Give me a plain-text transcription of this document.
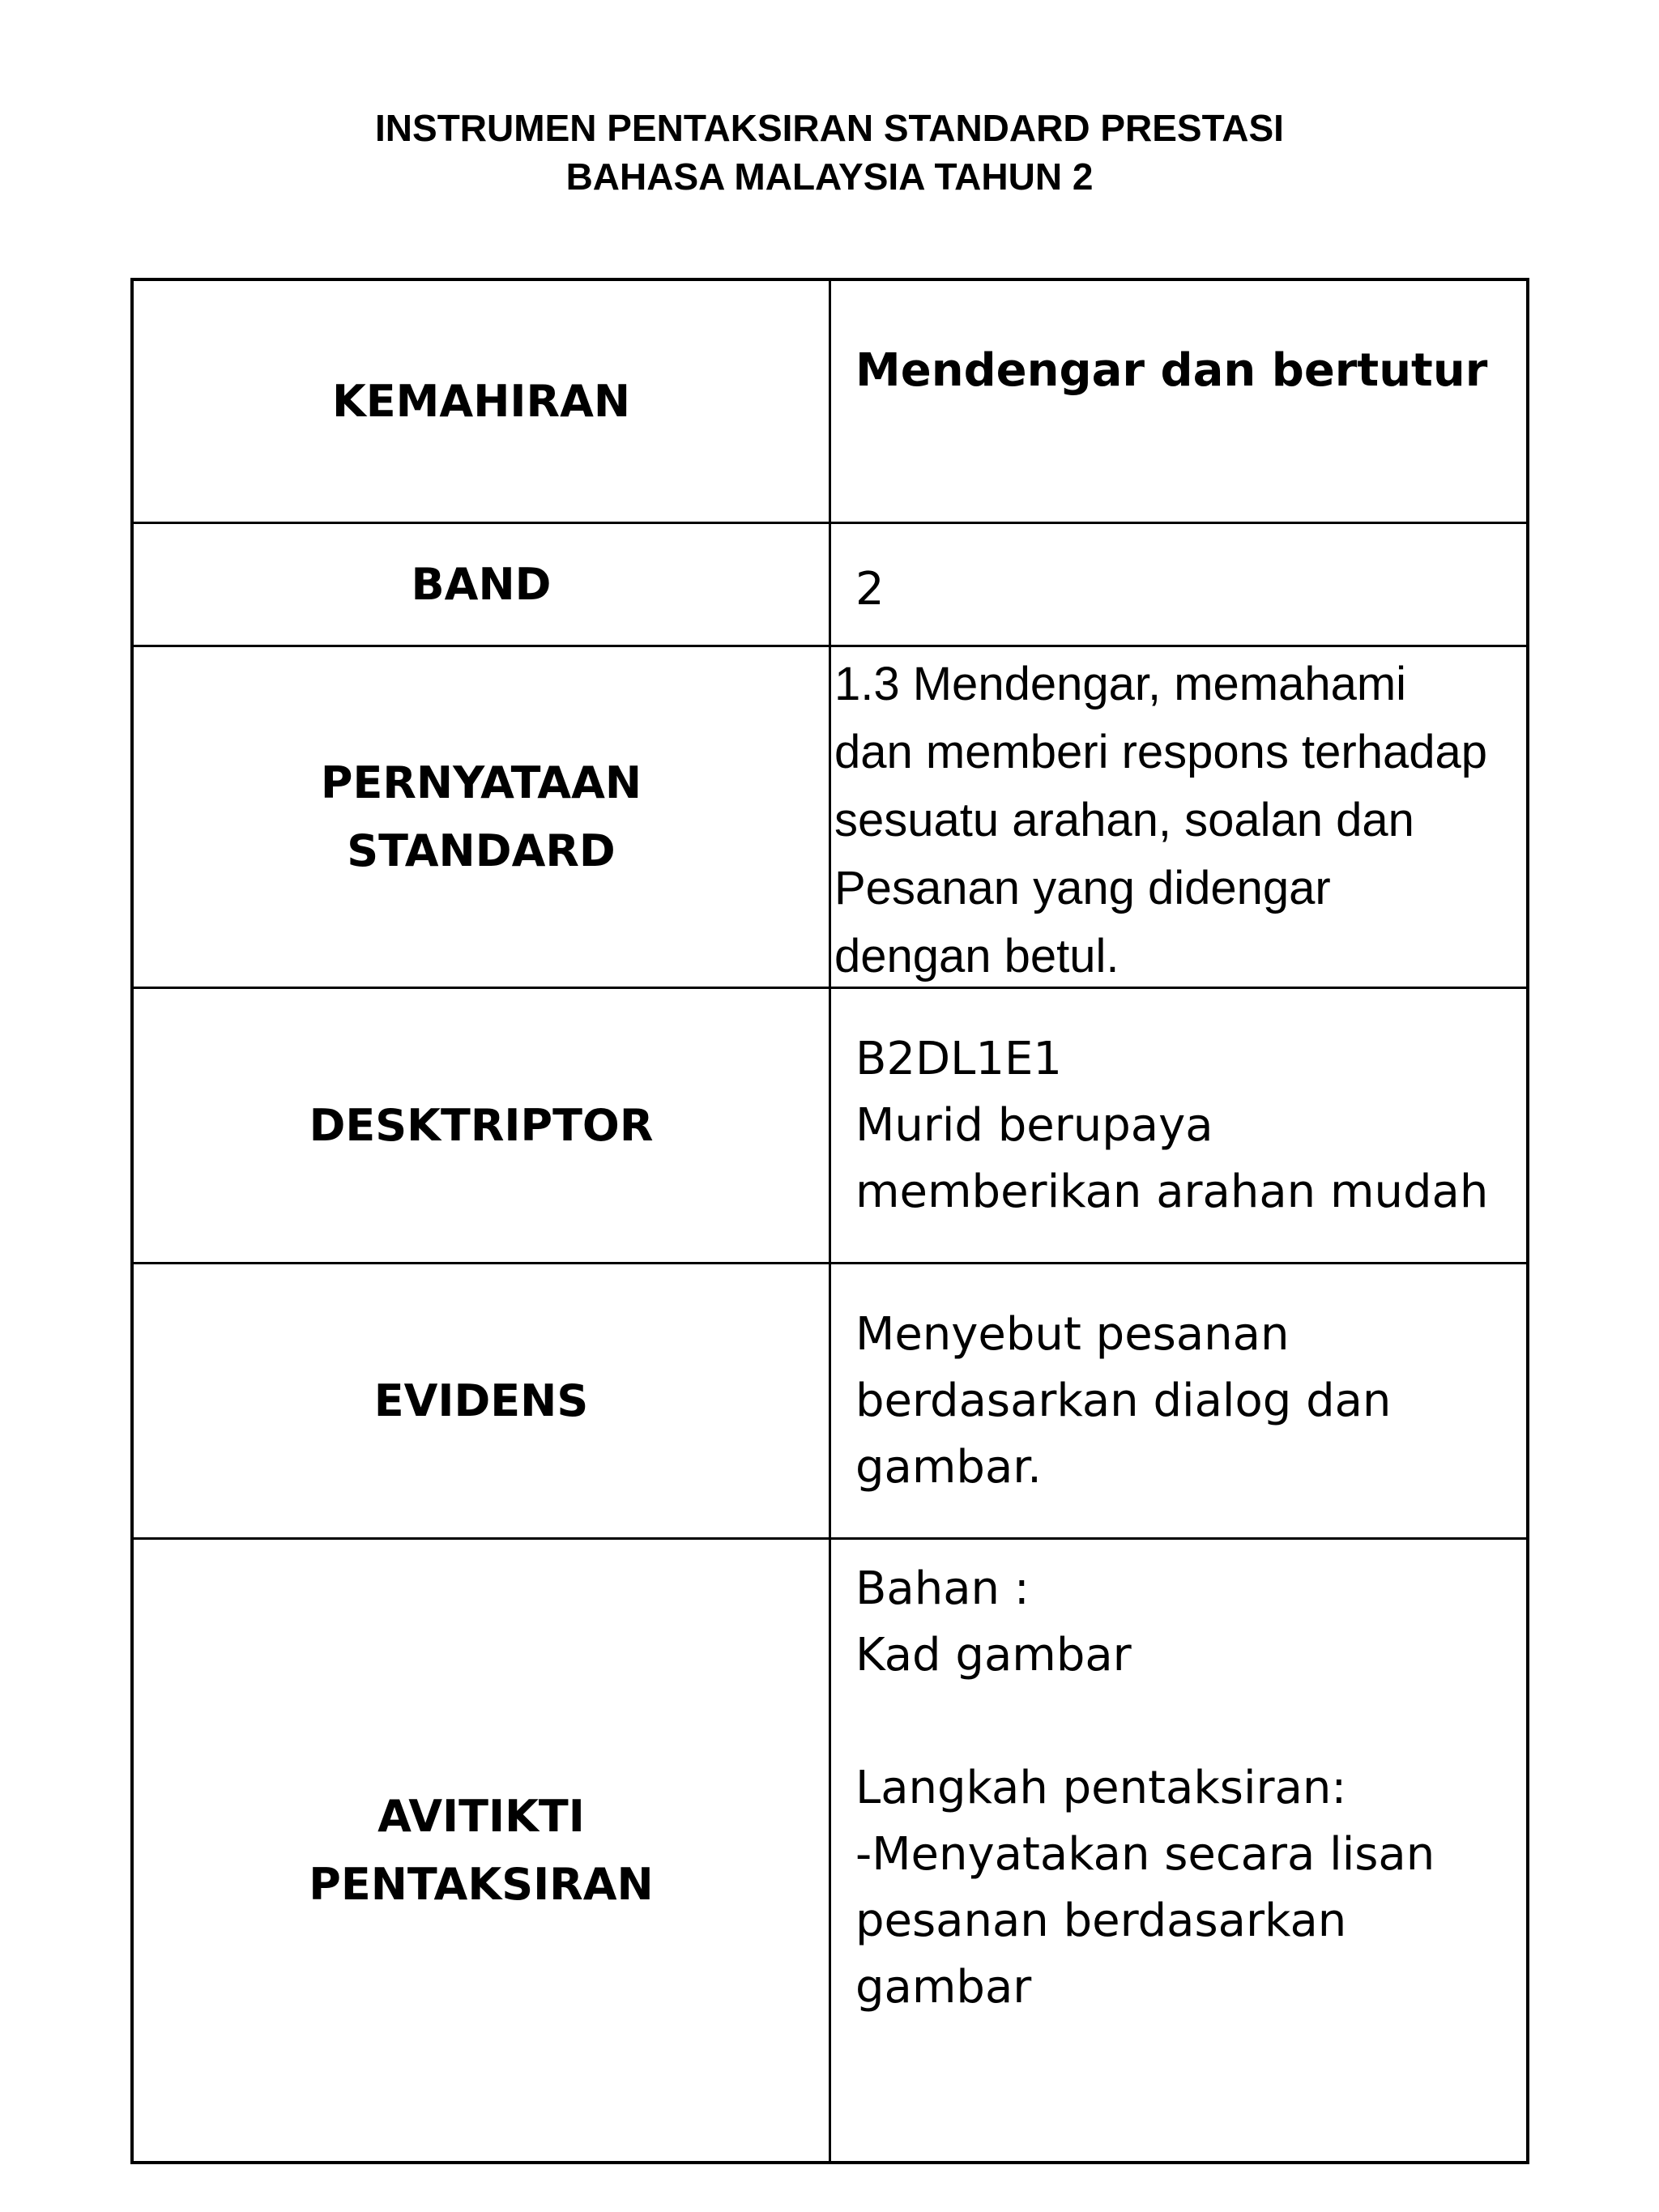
INSTRUMEN PENTAKSIRAN STANDARD PRESTASI
BAHASA MALAYSIA TAHUN 2
KEMAHIRAN
Mendengar dan bertutur
BAND	2
PERNYATAAN
STANDARD
1.3 Mendengar, memahami
dan memberi respons terhadap
sesuatu arahan, soalan dan
Pesanan yang didengar
dengan betul.
DESKTRIPTOR
B2DL1E1
Murid berupaya
memberikan arahan mudah
EVIDENS
Menyebut pesanan
berdasarkan dialog dan
gambar.
AVITIKTI
PENTAKSIRAN
Bahan :
Kad gambar

Langkah pentaksiran:
-Menyatakan secara lisan
pesanan berdasarkan
gambar
